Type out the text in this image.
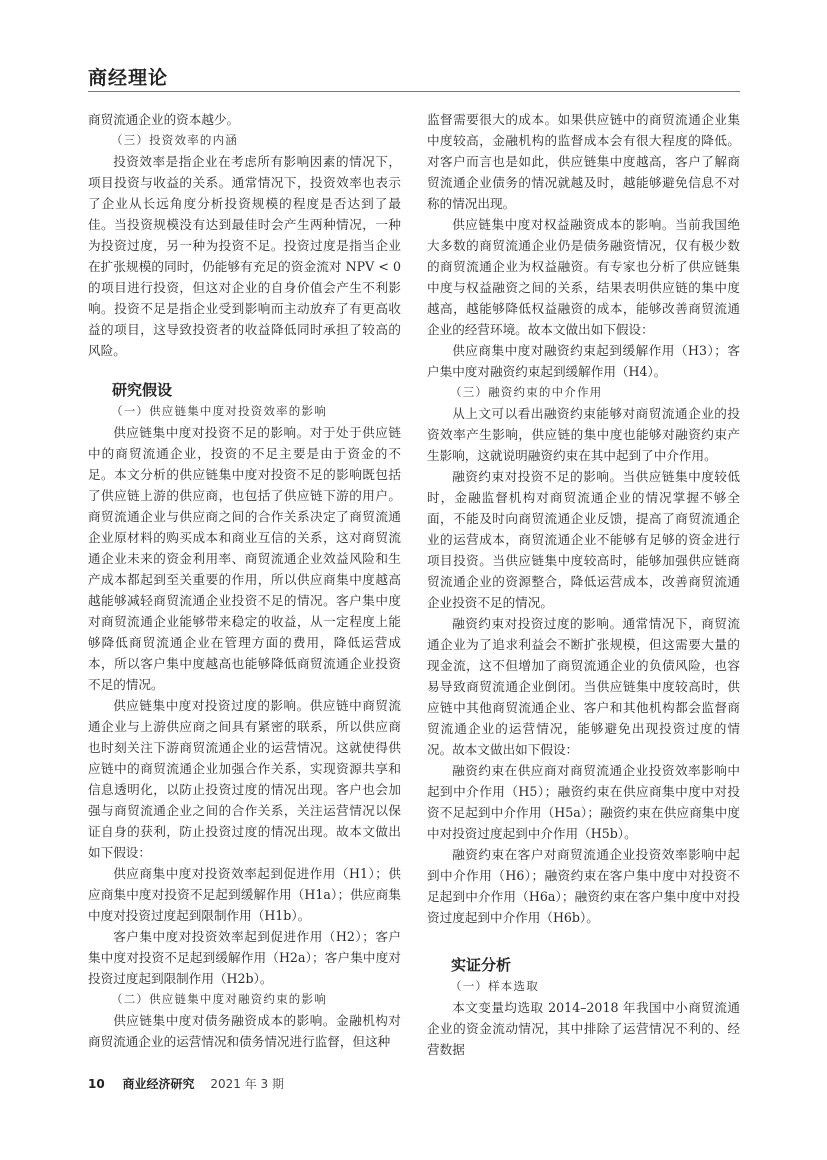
商经理论

商贸流通企业的资本越少。

（三）投资效率的内涵

投资效率是指企业在考虑所有影响因素的情况下，项目投资与收益的关系。通常情况下，投资效率也表示了企业从长远角度分析投资规模的程度是否达到了最佳。当投资规模没有达到最佳时会产生两种情况，一种为投资过度，另一种为投资不足。投资过度是指当企业在扩张规模的同时，仍能够有充足的资金流对 NPV < 0 的项目进行投资，但这对企业的自身价值会产生不利影响。投资不足是指企业受到影响而主动放弃了有更高收益的项目，这导致投资者的收益降低同时承担了较高的风险。

研究假设
（一）供应链集中度对投资效率的影响

供应链集中度对投资不足的影响。对于处于供应链中的商贸流通企业，投资的不足主要是由于资金的不足。本文分析的供应链集中度对投资不足的影响既包括了供应链上游的供应商，也包括了供应链下游的用户。商贸流通企业与供应商之间的合作关系决定了商贸流通企业原材料的购买成本和商业互信的关系，这对商贸流通企业未来的资金利用率、商贸流通企业效益风险和生产成本都起到至关重要的作用，所以供应商集中度越高越能够减轻商贸流通企业投资不足的情况。客户集中度对商贸流通企业能够带来稳定的收益，从一定程度上能够降低商贸流通企业在管理方面的费用，降低运营成本，所以客户集中度越高也能够降低商贸流通企业投资不足的情况。

供应链集中度对投资过度的影响。供应链中商贸流通企业与上游供应商之间具有紧密的联系，所以供应商也时刻关注下游商贸流通企业的运营情况。这就使得供应链中的商贸流通企业加强合作关系，实现资源共享和信息透明化，以防止投资过度的情况出现。客户也会加强与商贸流通企业之间的合作关系，关注运营情况以保证自身的获利，防止投资过度的情况出现。故本文做出如下假设：

供应商集中度对投资效率起到促进作用（H1）；供应商集中度对投资不足起到缓解作用（H1a）；供应商集中度对投资过度起到限制作用（H1b）。

客户集中度对投资效率起到促进作用（H2）；客户集中度对投资不足起到缓解作用（H2a）；客户集中度对投资过度起到限制作用（H2b）。

（二）供应链集中度对融资约束的影响

供应链集中度对债务融资成本的影响。金融机构对商贸流通企业的运营情况和债务情况进行监督，但这种

监督需要很大的成本。如果供应链中的商贸流通企业集中度较高，金融机构的监督成本会有很大程度的降低。对客户而言也是如此，供应链集中度越高，客户了解商贸流通企业债务的情况就越及时，越能够避免信息不对称的情况出现。

供应链集中度对权益融资成本的影响。当前我国绝大多数的商贸流通企业仍是债务融资情况，仅有极少数的商贸流通企业为权益融资。有专家也分析了供应链集中度与权益融资之间的关系，结果表明供应链的集中度越高，越能够降低权益融资的成本，能够改善商贸流通企业的经营环境。故本文做出如下假设：

供应商集中度对融资约束起到缓解作用（H3）；客户集中度对融资约束起到缓解作用（H4）。

（三）融资约束的中介作用

从上文可以看出融资约束能够对商贸流通企业的投资效率产生影响，供应链的集中度也能够对融资约束产生影响，这就说明融资约束在其中起到了中介作用。

融资约束对投资不足的影响。当供应链集中度较低时，金融监督机构对商贸流通企业的情况掌握不够全面，不能及时向商贸流通企业反馈，提高了商贸流通企业的运营成本，商贸流通企业不能够有足够的资金进行项目投资。当供应链集中度较高时，能够加强供应链商贸流通企业的资源整合，降低运营成本，改善商贸流通企业投资不足的情况。

融资约束对投资过度的影响。通常情况下，商贸流通企业为了追求利益会不断扩张规模，但这需要大量的现金流，这不但增加了商贸流通企业的负债风险，也容易导致商贸流通企业倒闭。当供应链集中度较高时，供应链中其他商贸流通企业、客户和其他机构都会监督商贸流通企业的运营情况，能够避免出现投资过度的情况。故本文做出如下假设：

融资约束在供应商对商贸流通企业投资效率影响中起到中介作用（H5）；融资约束在供应商集中度中对投资不足起到中介作用（H5a）；融资约束在供应商集中度中对投资过度起到中介作用（H5b）。

融资约束在客户对商贸流通企业投资效率影响中起到中介作用（H6）；融资约束在客户集中度中对投资不足起到中介作用（H6a）；融资约束在客户集中度中对投资过度起到中介作用（H6b）。

实证分析
（一）样本选取

本文变量均选取 2014–2018 年我国中小商贸流通企业的资金流动情况，其中排除了运营情况不利的、经营数据

10 商业经济研究 2021 年 3 期
